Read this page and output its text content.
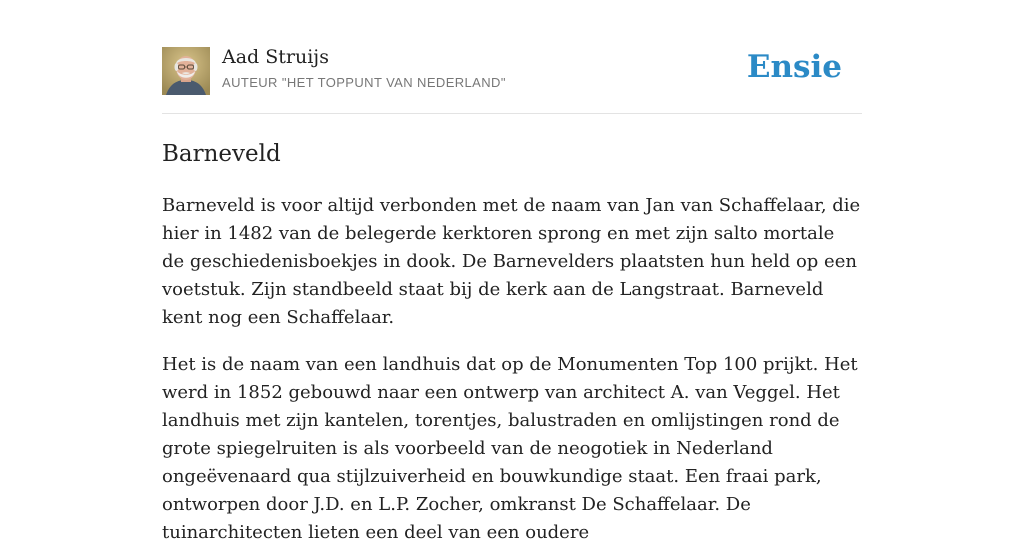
Aad Struijs
AUTEUR "HET TOPPUNT VAN NEDERLAND"	Ensie
Barneveld

Barneveld is voor altijd verbonden met de naam van Jan van Schaffelaar, die hier in 1482 van de belegerde kerktoren sprong en met zijn salto mortale de geschiedenisboekjes in dook. De Barnevelders plaatsten hun held op een voetstuk. Zijn standbeeld staat bij de kerk aan de Langstraat. Barneveld kent nog een Schaffelaar.

Het is de naam van een landhuis dat op de Monumenten Top 100 prijkt. Het werd in 1852 gebouwd naar een ontwerp van architect A. van Veggel. Het landhuis met zijn kantelen, torentjes, balustraden en omlijstingen rond de grote spiegelruiten is als voorbeeld van de neogotiek in Nederland ongeëvenaard qua stijlzuiverheid en bouwkundige staat. Een fraai park, ontworpen door J.D. en L.P. Zocher, omkranst De Schaffelaar. De tuinarchitecten lieten een deel van een oudere
